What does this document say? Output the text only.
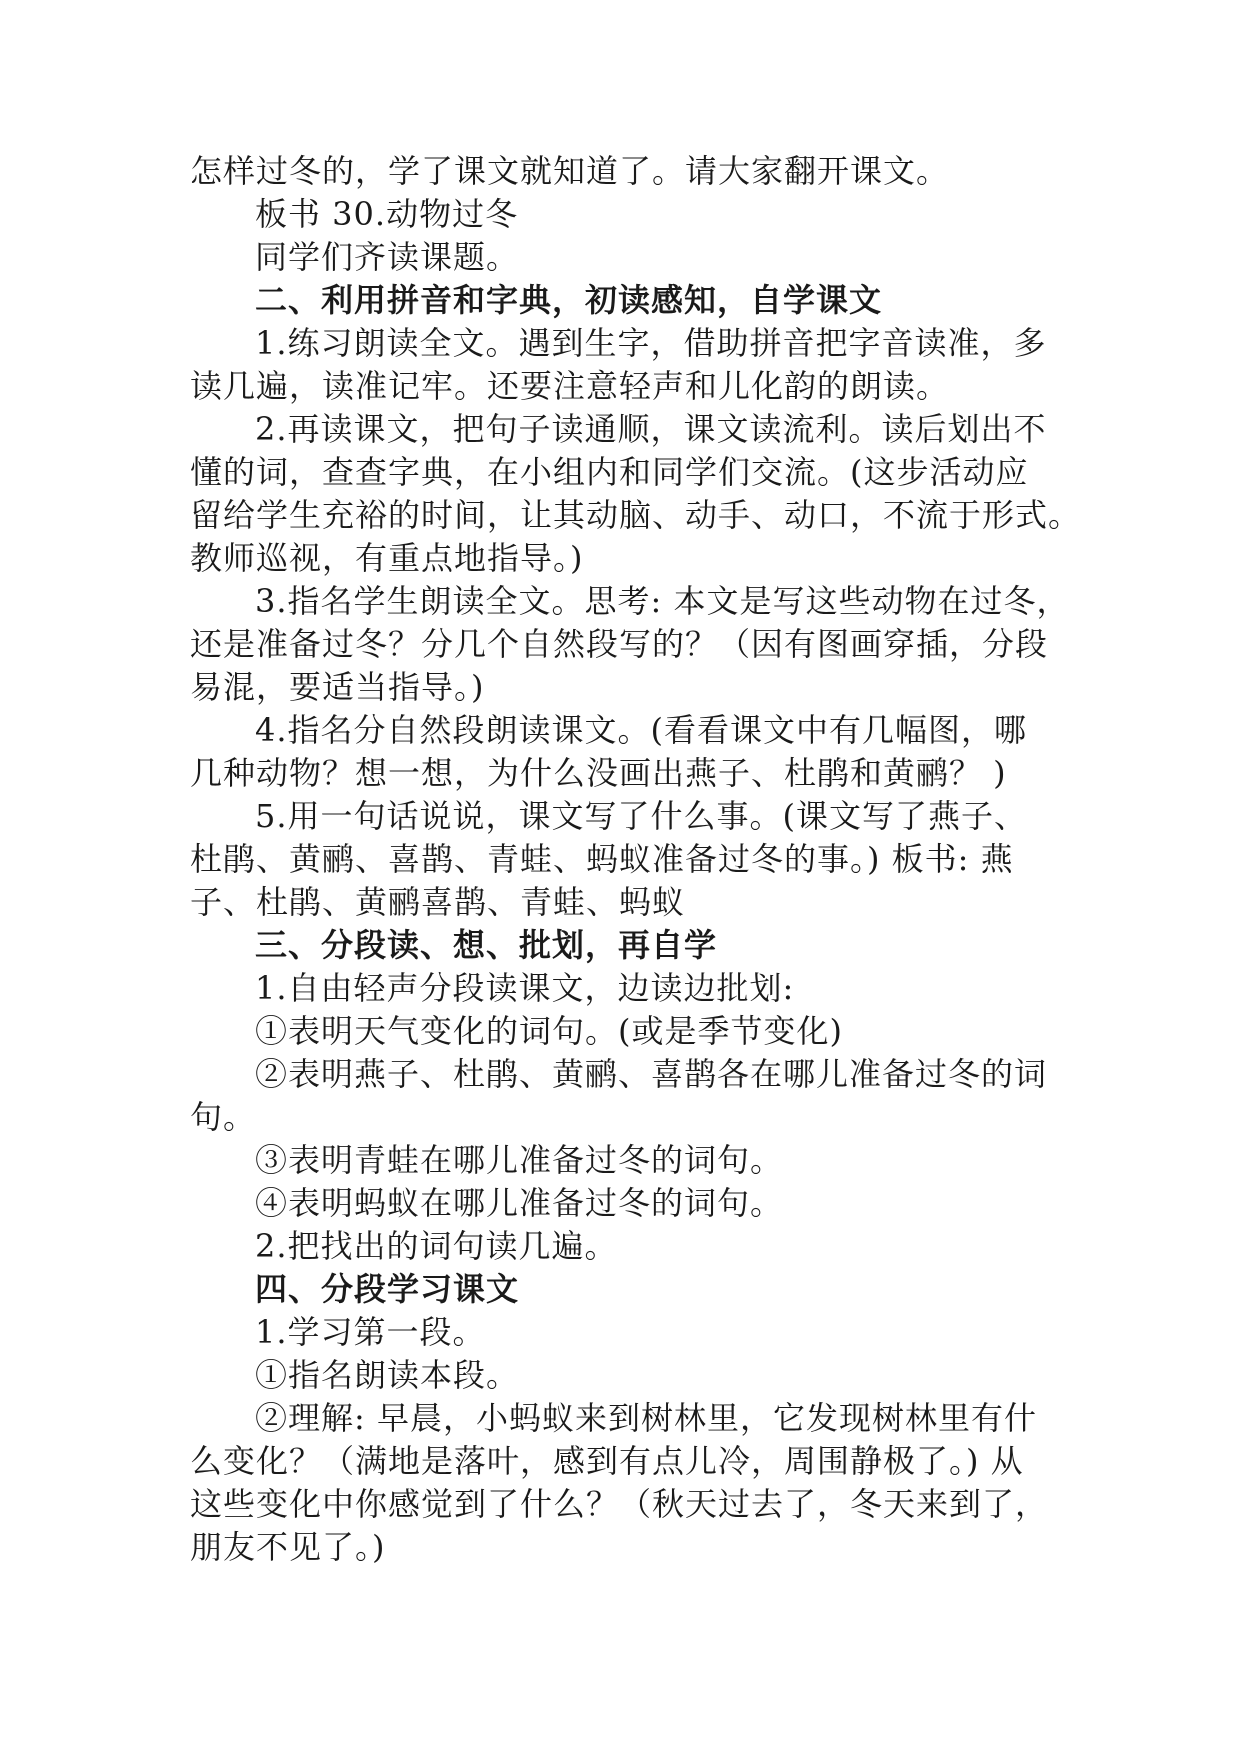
怎样过冬的，学了课文就知道了。请大家翻开课文。
板书 30.动物过冬
同学们齐读课题。
二、利用拼音和字典，初读感知，自学课文
1.练习朗读全文。遇到生字，借助拼音把字音读准，多
读几遍，读准记牢。还要注意轻声和儿化韵的朗读。
2.再读课文，把句子读通顺，课文读流利。读后划出不
懂的词，查查字典，在小组内和同学们交流。(这步活动应
留给学生充裕的时间，让其动脑、动手、动口，不流于形式。
教师巡视，有重点地指导。)
3.指名学生朗读全文。思考: 本文是写这些动物在过冬，
还是准备过冬？分几个自然段写的？（因有图画穿插，分段
易混，要适当指导。)
4.指名分自然段朗读课文。(看看课文中有几幅图，哪
几种动物？想一想，为什么没画出燕子、杜鹃和黄鹂？ )
5.用一句话说说，课文写了什么事。(课文写了燕子、
杜鹃、黄鹂、喜鹊、青蛙、蚂蚁准备过冬的事。) 板书: 燕
子、杜鹃、黄鹂喜鹊、青蛙、蚂蚁
三、分段读、想、批划，再自学
1.自由轻声分段读课文，边读边批划:
①表明天气变化的词句。(或是季节变化)
②表明燕子、杜鹃、黄鹂、喜鹊各在哪儿准备过冬的词
句。
③表明青蛙在哪儿准备过冬的词句。
④表明蚂蚁在哪儿准备过冬的词句。
2.把找出的词句读几遍。
四、分段学习课文
1.学习第一段。
①指名朗读本段。
②理解: 早晨，小蚂蚁来到树林里，它发现树林里有什
么变化？（满地是落叶，感到有点儿冷，周围静极了。) 从
这些变化中你感觉到了什么？（秋天过去了，冬天来到了，
朋友不见了。)
